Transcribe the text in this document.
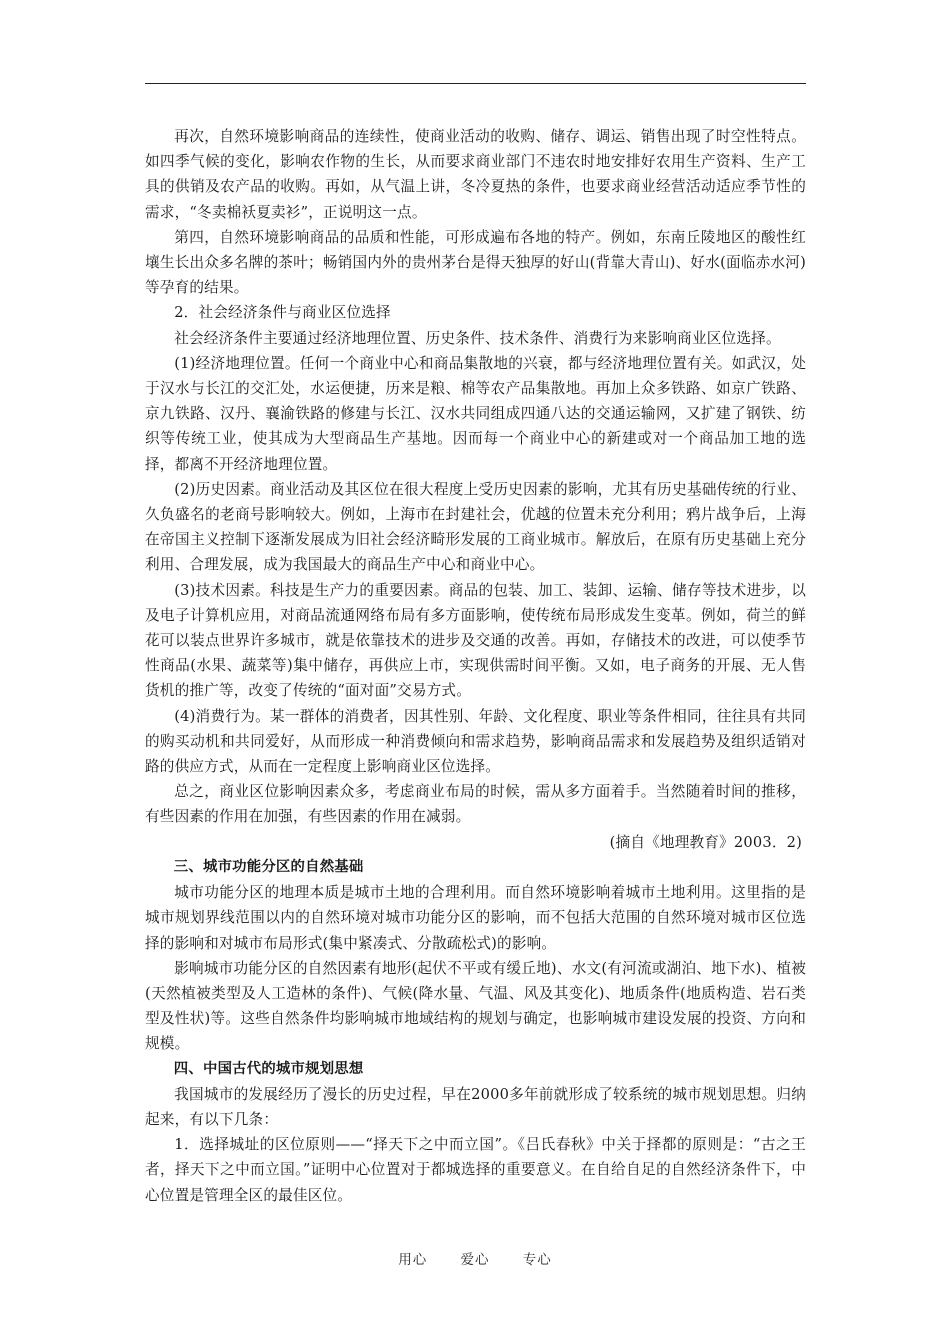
再次，自然环境影响商品的连续性，使商业活动的收购、储存、调运、销售出现了时空性特点。如四季气候的变化，影响农作物的生长，从而要求商业部门不违农时地安排好农用生产资料、生产工具的供销及农产品的收购。再如，从气温上讲，冬冷夏热的条件，也要求商业经营活动适应季节性的需求，“冬卖棉袄夏卖衫”，正说明这一点。

第四，自然环境影响商品的品质和性能，可形成遍布各地的特产。例如，东南丘陵地区的酸性红壤生长出众多名牌的茶叶；畅销国内外的贵州茅台是得天独厚的好山(背靠大青山)、好水(面临赤水河)等孕育的结果。

2．社会经济条件与商业区位选择

社会经济条件主要通过经济地理位置、历史条件、技术条件、消费行为来影响商业区位选择。

(1)经济地理位置。任何一个商业中心和商品集散地的兴衰，都与经济地理位置有关。如武汉，处于汉水与长江的交汇处，水运便捷，历来是粮、棉等农产品集散地。再加上众多铁路、如京广铁路、京九铁路、汉丹、襄渝铁路的修建与长江、汉水共同组成四通八达的交通运输网，又扩建了钢铁、纺织等传统工业，使其成为大型商品生产基地。因而每一个商业中心的新建或对一个商品加工地的选择，都离不开经济地理位置。

(2)历史因素。商业活动及其区位在很大程度上受历史因素的影响，尤其有历史基础传统的行业、久负盛名的老商号影响较大。例如，上海市在封建社会，优越的位置未充分利用；鸦片战争后，上海在帝国主义控制下逐渐发展成为旧社会经济畸形发展的工商业城市。解放后，在原有历史基础上充分利用、合理发展，成为我国最大的商品生产中心和商业中心。

(3)技术因素。科技是生产力的重要因素。商品的包装、加工、装卸、运输、储存等技术进步，以及电子计算机应用，对商品流通网络布局有多方面影响，使传统布局形成发生变革。例如，荷兰的鲜花可以装点世界许多城市，就是依靠技术的进步及交通的改善。再如，存储技术的改进，可以使季节性商品(水果、蔬菜等)集中储存，再供应上市，实现供需时间平衡。又如，电子商务的开展、无人售货机的推广等，改变了传统的“面对面”交易方式。

(4)消费行为。某一群体的消费者，因其性别、年龄、文化程度、职业等条件相同，往往具有共同的购买动机和共同爱好，从而形成一种消费倾向和需求趋势，影响商品需求和发展趋势及组织适销对路的供应方式，从而在一定程度上影响商业区位选择。

总之，商业区位影响因素众多，考虑商业布局的时候，需从多方面着手。当然随着时间的推移，有些因素的作用在加强，有些因素的作用在减弱。

(摘自《地理教育》2003．2)

三、城市功能分区的自然基础

城市功能分区的地理本质是城市土地的合理利用。而自然环境影响着城市土地利用。这里指的是城市规划界线范围以内的自然环境对城市功能分区的影响，而不包括大范围的自然环境对城市区位选择的影响和对城市布局形式(集中紧凑式、分散疏松式)的影响。

影响城市功能分区的自然因素有地形(起伏不平或有缓丘地)、水文(有河流或湖泊、地下水)、植被(天然植被类型及人工造林的条件)、气候(降水量、气温、风及其变化)、地质条件(地质构造、岩石类型及性状)等。这些自然条件均影响城市地域结构的规划与确定，也影响城市建设发展的投资、方向和规模。

四、中国古代的城市规划思想

我国城市的发展经历了漫长的历史过程，早在2000多年前就形成了较系统的城市规划思想。归纳起来，有以下几条：

1．选择城址的区位原则——“择天下之中而立国”。《吕氏春秋》中关于择都的原则是：“古之王者，择天下之中而立国。”证明中心位置对于都城选择的重要意义。在自给自足的自然经济条件下，中心位置是管理全区的最佳区位。

用心 爱心 专心
